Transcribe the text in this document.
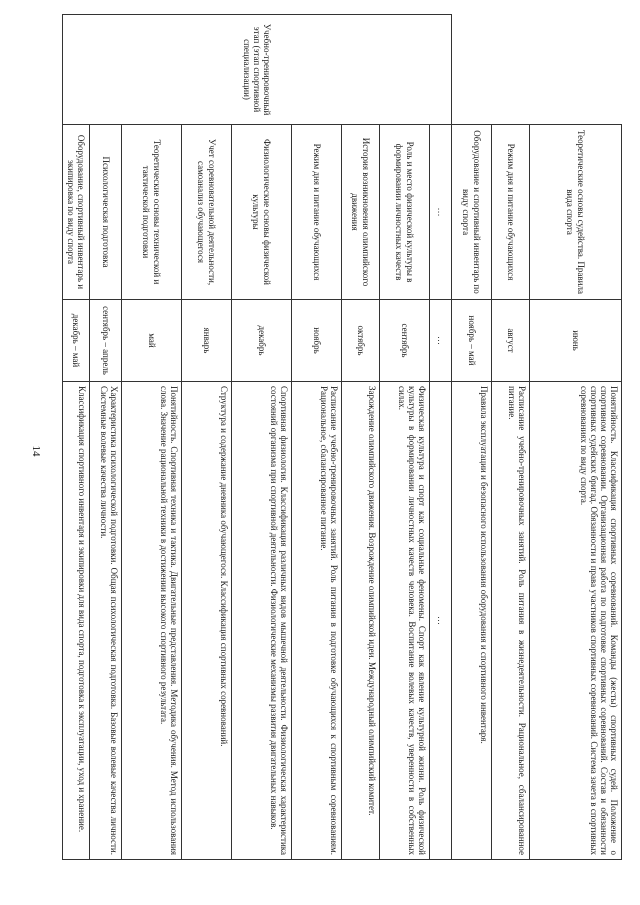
14
	Теоретические основы судейства. Правила вида спорта	июнь	Понятийность. Классификация спортивных соревнований. Команды (жесты) спортивных судей. Положение о спортивном соревновании. Организационная работа по подготовке спортивных соревнований. Состав и обязанности спортивных судейских бригад. Обязанности и права участников спортивных соревнований. Система зачета в спортивных соревнованиях по виду спорта.
	Режим дня и питание обучающихся	август	Расписание учебно-тренировочных занятий. Роль питания в жизнедеятельности. Рациональное, сбалансированное питание.
	Оборудование и спортивный инвентарь по виду спорта	ноябрь – май	Правила эксплуатации и безопасного использования оборудования и спортивного инвентаря.
Учебно-тренировочный этап (этап спортивной специализации)	…	…	…
	Роль и место физической культуры в формировании личностных качеств	сентябрь	Физическая культура и спорт как социальные феномены. Спорт как явление культурной жизни. Роль физической культуры в формировании личностных качеств человека. Воспитание волевых качеств, уверенности в собственных силах.
	История возникновения олимпийского движения	октябрь	Зарождение олимпийского движения. Возрождение олимпийской идеи. Международный олимпийский комитет.
	Режим дня и питание обучающихся	ноябрь	Расписание учебно-тренировочных занятий. Роль питания в подготовке обучающихся к спортивным соревнованиям. Рациональное, сбалансированное питание.
	Физиологические основы физической культуры	декабрь	Спортивная физиология. Классификация различных видов мышечной деятельности. Физиологическая характеристика состояний организма при спортивной деятельности. Физиологические механизмы развития двигательных навыков.
	Учет соревновательной деятельности, самоанализ обучающегося	январь	Структура и содержание дневника обучающегося. Классификация спортивных соревнований.
	Теоретические основы технической и тактической подготовки	май	Понятийность. Спортивная техника и тактика. Двигательные представления. Методика обучения. Метод использования слова. Значение рациональной техники в достижении высокого спортивного результата.
	Психологическая подготовка	сентябрь – апрель	Характеристика психологической подготовки. Общая психологическая подготовка. Базовые волевые качества личности. Системные волевые качества личности.
	Оборудование, спортивный инвентарь и экипировка по виду спорта	декабрь – май	Классификация спортивного инвентаря и экипировки для вида спорта, подготовка к эксплуатации, уход и хранение.
